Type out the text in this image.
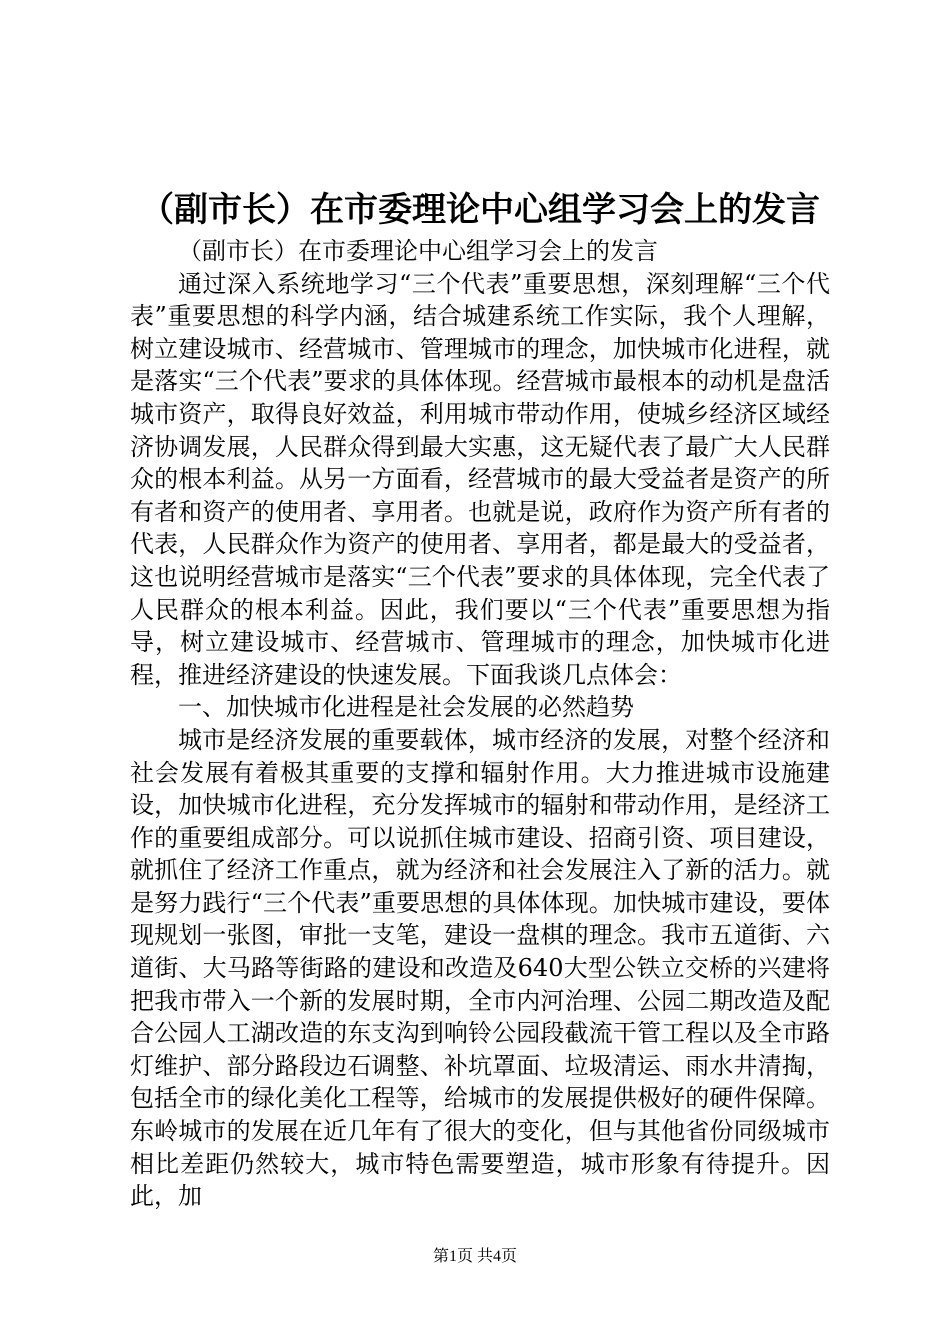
（副市长）在市委理论中心组学习会上的发言

（副市长）在市委理论中心组学习会上的发言

通过深入系统地学习“三个代表”重要思想，深刻理解“三个代表”重要思想的科学内涵，结合城建系统工作实际，我个人理解，树立建设城市、经营城市、管理城市的理念，加快城市化进程，就是落实“三个代表”要求的具体体现。经营城市最根本的动机是盘活城市资产，取得良好效益，利用城市带动作用，使城乡经济区域经济协调发展，人民群众得到最大实惠，这无疑代表了最广大人民群众的根本利益。从另一方面看，经营城市的最大受益者是资产的所有者和资产的使用者、享用者。也就是说，政府作为资产所有者的代表，人民群众作为资产的使用者、享用者，都是最大的受益者，这也说明经营城市是落实“三个代表”要求的具体体现，完全代表了人民群众的根本利益。因此，我们要以“三个代表”重要思想为指导，树立建设城市、经营城市、管理城市的理念，加快城市化进程，推进经济建设的快速发展。下面我谈几点体会：

一、加快城市化进程是社会发展的必然趋势

城市是经济发展的重要载体，城市经济的发展，对整个经济和社会发展有着极其重要的支撑和辐射作用。大力推进城市设施建设，加快城市化进程，充分发挥城市的辐射和带动作用，是经济工作的重要组成部分。可以说抓住城市建设、招商引资、项目建设，就抓住了经济工作重点，就为经济和社会发展注入了新的活力。就是努力践行“三个代表”重要思想的具体体现。加快城市建设，要体现规划一张图，审批一支笔，建设一盘棋的理念。我市五道街、六道街、大马路等街路的建设和改造及640大型公铁立交桥的兴建将把我市带入一个新的发展时期，全市内河治理、公园二期改造及配合公园人工湖改造的东支沟到响铃公园段截流干管工程以及全市路灯维护、部分路段边石调整、补坑罩面、垃圾清运、雨水井清掏，包括全市的绿化美化工程等，给城市的发展提供极好的硬件保障。东岭城市的发展在近几年有了很大的变化，但与其他省份同级城市相比差距仍然较大，城市特色需要塑造，城市形象有待提升。因此，加

第1页 共4页
